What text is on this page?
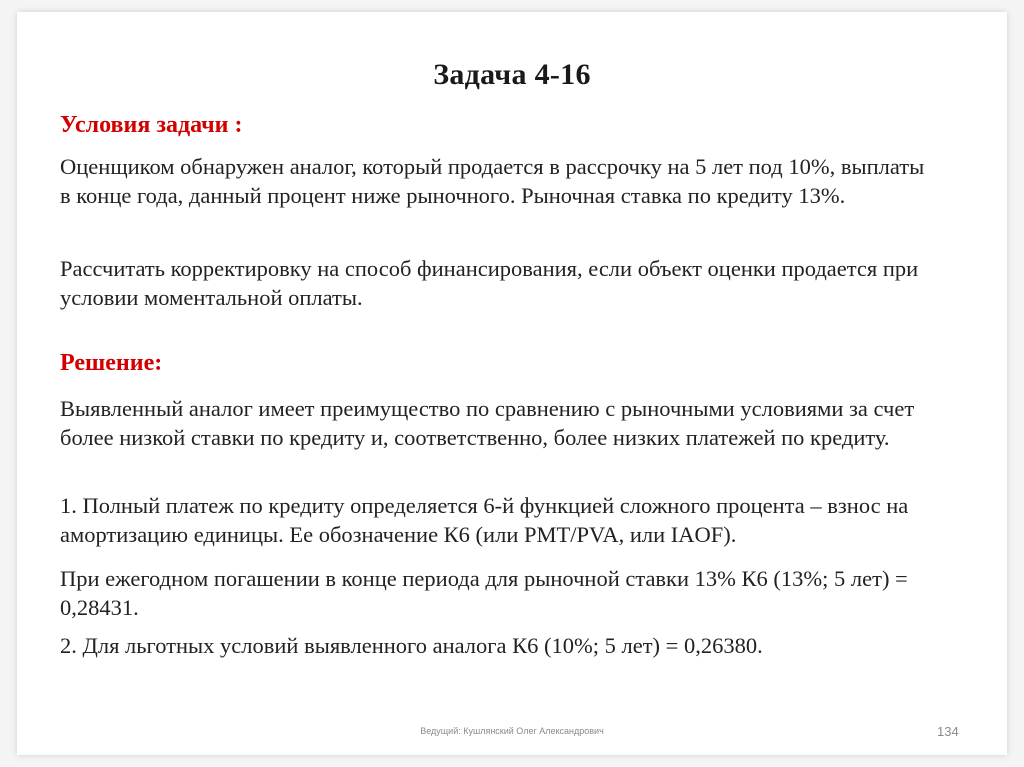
Задача 4-16
Условия задачи :
Оценщиком обнаружен аналог, который продается в рассрочку на 5 лет под 10%, выплаты в конце года, данный процент ниже рыночного. Рыночная ставка по кредиту 13%.
Рассчитать корректировку на способ финансирования, если объект оценки продается при условии моментальной оплаты.
Решение:
Выявленный аналог имеет преимущество по сравнению с рыночными условиями за счет более низкой ставки по кредиту и, соответственно, более низких платежей по кредиту.
1. Полный платеж по кредиту определяется 6-й функцией сложного процента – взнос на амортизацию единицы. Ее обозначение К6 (или PMT/PVA, или IAOF).
При ежегодном погашении в конце периода для рыночной ставки 13% К6 (13%; 5 лет) = 0,28431.
2. Для льготных условий выявленного аналога К6 (10%; 5 лет) = 0,26380.
Ведущий: Кушлянский Олег Александрович	134
